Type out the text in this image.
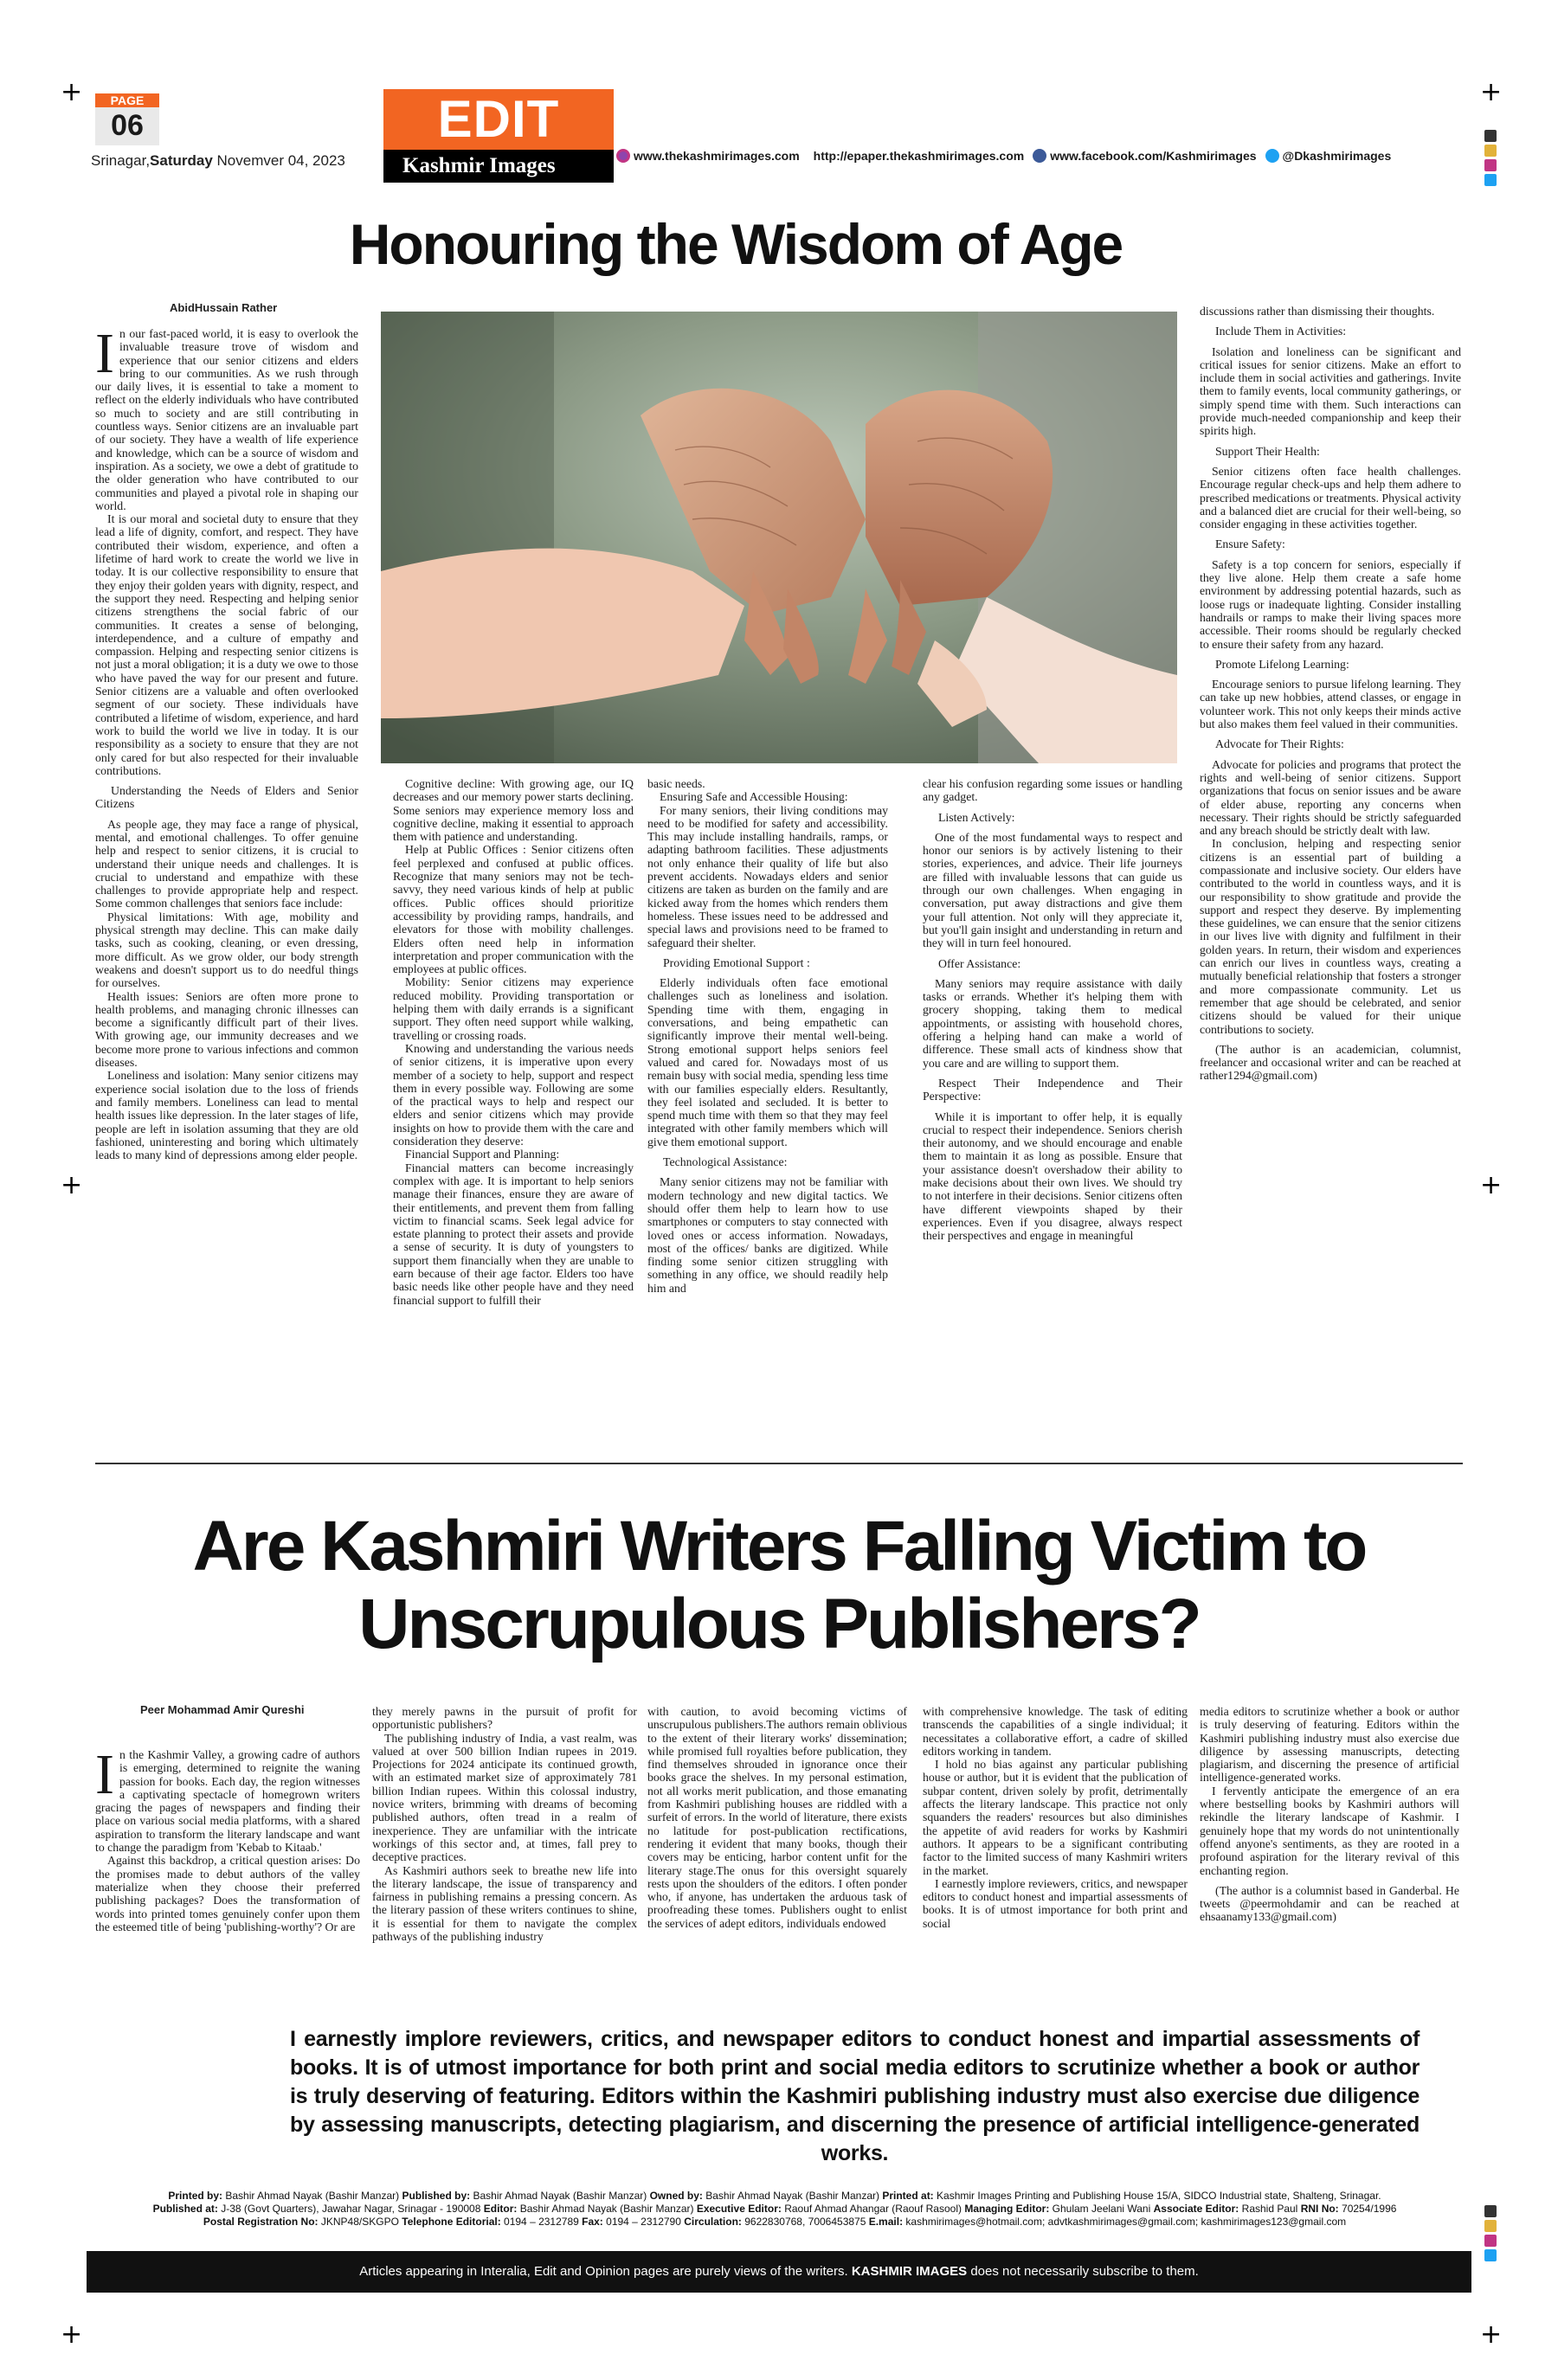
+	+
+	+
+	+
PAGE
06
Srinagar,Saturday Novemver 04, 2023
EDIT
Kashmir Images	www.thekashmirimages.com http://epaper.thekashmirimages.com www.facebook.com/Kashmirimages @Dkashmirimages
Honouring the Wisdom of Age
AbidHussain Rather
I n our fast-paced world, it is easy to overlook the invaluable treasure trove of wisdom and experience that our senior citizens and elders bring to our communities. As we rush through our daily lives, it is essential to take a moment to reflect on the elderly individuals who have contributed so much to society and are still contributing in countless ways. Senior citizens are an invaluable part of our society. They have a wealth of life experience and knowledge, which can be a source of wisdom and inspiration. As a society, we owe a debt of gratitude to the older generation who have contributed to our communities and played a pivotal role in shaping our world.

It is our moral and societal duty to ensure that they lead a life of dignity, comfort, and respect. They have contributed their wisdom, experience, and often a lifetime of hard work to create the world we live in today. It is our collective responsibility to ensure that they enjoy their golden years with dignity, respect, and the support they need. Respecting and helping senior citizens strengthens the social fabric of our communities. It creates a sense of belonging, interdependence, and a culture of empathy and compassion. Helping and respecting senior citizens is not just a moral obligation; it is a duty we owe to those who have paved the way for our present and future. Senior citizens are a valuable and often overlooked segment of our society. These individuals have contributed a lifetime of wisdom, experience, and hard work to build the world we live in today. It is our responsibility as a society to ensure that they are not only cared for but also respected for their invaluable contributions.

Understanding the Needs of Elders and Senior Citizens

As people age, they may face a range of physical, mental, and emotional challenges. To offer genuine help and respect to senior citizens, it is crucial to understand their unique needs and challenges. It is crucial to understand and empathize with these challenges to provide appropriate help and respect. Some common challenges that seniors face include:

Physical limitations: With age, mobility and physical strength may decline. This can make daily tasks, such as cooking, cleaning, or even dressing, more difficult. As we grow older, our body strength weakens and doesn't support us to do needful things for ourselves.

Health issues: Seniors are often more prone to health problems, and managing chronic illnesses can become a significantly difficult part of their lives. With growing age, our immunity decreases and we become more prone to various infections and common diseases.

Loneliness and isolation: Many senior citizens may experience social isolation due to the loss of friends and family members. Loneliness can lead to mental health issues like depression. In the later stages of life, people are left in isolation assuming that they are old fashioned, uninteresting and boring which ultimately leads to many kind of depressions among elder people.

Cognitive decline: With growing age, our IQ decreases and our memory power starts declining. Some seniors may experience memory loss and cognitive decline, making it essential to approach them with patience and understanding.

Help at Public Offices : Senior citizens often feel perplexed and confused at public offices. Recognize that many seniors may not be tech-savvy, they need various kinds of help at public offices. Public offices should prioritize accessibility by providing ramps, handrails, and elevators for those with mobility challenges. Elders often need help in information interpretation and proper communication with the employees at public offices.

Mobility: Senior citizens may experience reduced mobility. Providing transportation or helping them with daily errands is a significant support. They often need support while walking, travelling or crossing roads.

Knowing and understanding the various needs of senior citizens, it is imperative upon every member of a society to help, support and respect them in every possible way. Following are some of the practical ways to help and respect our elders and senior citizens which may provide insights on how to provide them with the care and consideration they deserve:

Financial Support and Planning:

Financial matters can become increasingly complex with age. It is important to help seniors manage their finances, ensure they are aware of their entitlements, and prevent them from falling victim to financial scams. Seek legal advice for estate planning to protect their assets and provide a sense of security. It is duty of youngsters to support them financially when they are unable to earn because of their age factor. Elders too have basic needs like other people have and they need financial support to fulfill their

basic needs.

Ensuring Safe and Accessible Housing:

For many seniors, their living conditions may need to be modified for safety and accessibility. This may include installing handrails, ramps, or adapting bathroom facilities. These adjustments not only enhance their quality of life but also prevent accidents. Nowadays elders and senior citizens are taken as burden on the family and are kicked away from the homes which renders them homeless. These issues need to be addressed and special laws and provisions need to be framed to safeguard their shelter.

Providing Emotional Support :

Elderly individuals often face emotional challenges such as loneliness and isolation. Spending time with them, engaging in conversations, and being empathetic can significantly improve their mental well-being. Strong emotional support helps seniors feel valued and cared for. Nowadays most of us remain busy with social media, spending less time with our families especially elders. Resultantly, they feel isolated and secluded. It is better to spend much time with them so that they may feel integrated with other family members which will give them emotional support.

Technological Assistance:

Many senior citizens may not be familiar with modern technology and new digital tactics. We should offer them help to learn how to use smartphones or computers to stay connected with loved ones or access information. Nowadays, most of the offices/ banks are digitized. While finding some senior citizen struggling with something in any office, we should readily help him and

clear his confusion regarding some issues or handling any gadget.

Listen Actively:

One of the most fundamental ways to respect and honor our seniors is by actively listening to their stories, experiences, and advice. Their life journeys are filled with invaluable lessons that can guide us through our own challenges. When engaging in conversation, put away distractions and give them your full attention. Not only will they appreciate it, but you'll gain insight and understanding in return and they will in turn feel honoured.

Offer Assistance:

Many seniors may require assistance with daily tasks or errands. Whether it's helping them with grocery shopping, taking them to medical appointments, or assisting with household chores, offering a helping hand can make a world of difference. These small acts of kindness show that you care and are willing to support them.

Respect Their Independence and Their Perspective:

While it is important to offer help, it is equally crucial to respect their independence. Seniors cherish their autonomy, and we should encourage and enable them to maintain it as long as possible. Ensure that your assistance doesn't overshadow their ability to make decisions about their own lives. We should try to not interfere in their decisions. Senior citizens often have different viewpoints shaped by their experiences. Even if you disagree, always respect their perspectives and engage in meaningful

discussions rather than dismissing their thoughts.

Include Them in Activities:

Isolation and loneliness can be significant and critical issues for senior citizens. Make an effort to include them in social activities and gatherings. Invite them to family events, local community gatherings, or simply spend time with them. Such interactions can provide much-needed companionship and keep their spirits high.

Support Their Health:

Senior citizens often face health challenges. Encourage regular check-ups and help them adhere to prescribed medications or treatments. Physical activity and a balanced diet are crucial for their well-being, so consider engaging in these activities together.

Ensure Safety:

Safety is a top concern for seniors, especially if they live alone. Help them create a safe home environment by addressing potential hazards, such as loose rugs or inadequate lighting. Consider installing handrails or ramps to make their living spaces more accessible. Their rooms should be regularly checked to ensure their safety from any hazard.

Promote Lifelong Learning:

Encourage seniors to pursue lifelong learning. They can take up new hobbies, attend classes, or engage in volunteer work. This not only keeps their minds active but also makes them feel valued in their communities.

Advocate for Their Rights:

Advocate for policies and programs that protect the rights and well-being of senior citizens. Support organizations that focus on senior issues and be aware of elder abuse, reporting any concerns when necessary. Their rights should be strictly safeguarded and any breach should be strictly dealt with law.

In conclusion, helping and respecting senior citizens is an essential part of building a compassionate and inclusive society. Our elders have contributed to the world in countless ways, and it is our responsibility to show gratitude and provide the support and respect they deserve. By implementing these guidelines, we can ensure that the senior citizens in our lives live with dignity and fulfilment in their golden years. In return, their wisdom and experiences can enrich our lives in countless ways, creating a mutually beneficial relationship that fosters a stronger and more compassionate community. Let us remember that age should be celebrated, and senior citizens should be valued for their unique contributions to society.

(The author is an academician, columnist, freelancer and occasional writer and can be reached at rather1294@gmail.com)

Are Kashmiri Writers Falling Victim to
Unscrupulous Publishers?
Peer Mohammad Amir Qureshi
I n the Kashmir Valley, a growing cadre of authors is emerging, determined to reignite the waning passion for books. Each day, the region witnesses a captivating spectacle of homegrown writers gracing the pages of newspapers and finding their place on various social media platforms, with a shared aspiration to transform the literary landscape and want to change the paradigm from 'Kebab to Kitaab.'

Against this backdrop, a critical question arises: Do the promises made to debut authors of the valley materialize when they choose their preferred publishing packages? Does the transformation of words into printed tomes genuinely confer upon them the esteemed title of being 'publishing-worthy'? Or are

they merely pawns in the pursuit of profit for opportunistic publishers?

The publishing industry of India, a vast realm, was valued at over 500 billion Indian rupees in 2019. Projections for 2024 anticipate its continued growth, with an estimated market size of approximately 781 billion Indian rupees. Within this colossal industry, novice writers, brimming with dreams of becoming published authors, often tread in a realm of inexperience. They are unfamiliar with the intricate workings of this sector and, at times, fall prey to deceptive practices.

As Kashmiri authors seek to breathe new life into the literary landscape, the issue of transparency and fairness in publishing remains a pressing concern. As the literary passion of these writers continues to shine, it is essential for them to navigate the complex pathways of the publishing industry

with caution, to avoid becoming victims of unscrupulous publishers.The authors remain oblivious to the extent of their literary works' dissemination; while promised full royalties before publication, they find themselves shrouded in ignorance once their books grace the shelves. In my personal estimation, not all works merit publication, and those emanating from Kashmiri publishing houses are riddled with a surfeit of errors. In the world of literature, there exists no latitude for post-publication rectifications, rendering it evident that many books, though their covers may be enticing, harbor content unfit for the literary stage.The onus for this oversight squarely rests upon the shoulders of the editors. I often ponder who, if anyone, has undertaken the arduous task of proofreading these tomes. Publishers ought to enlist the services of adept editors, individuals endowed

with comprehensive knowledge. The task of editing transcends the capabilities of a single individual; it necessitates a collaborative effort, a cadre of skilled editors working in tandem.

I hold no bias against any particular publishing house or author, but it is evident that the publication of subpar content, driven solely by profit, detrimentally affects the literary landscape. This practice not only squanders the readers' resources but also diminishes the appetite of avid readers for works by Kashmiri authors. It appears to be a significant contributing factor to the limited success of many Kashmiri writers in the market.

I earnestly implore reviewers, critics, and newspaper editors to conduct honest and impartial assessments of books. It is of utmost importance for both print and social

media editors to scrutinize whether a book or author is truly deserving of featuring. Editors within the Kashmiri publishing industry must also exercise due diligence by assessing manuscripts, detecting plagiarism, and discerning the presence of artificial intelligence-generated works.

I fervently anticipate the emergence of an era where bestselling books by Kashmiri authors will rekindle the literary landscape of Kashmir. I genuinely hope that my words do not unintentionally offend anyone's sentiments, as they are rooted in a profound aspiration for the literary revival of this enchanting region.

(The author is a columnist based in Ganderbal. He tweets @peermohdamir and can be reached at ehsaanamy133@gmail.com)

I earnestly implore reviewers, critics, and newspaper editors to conduct honest and impartial assessments of books. It is of utmost importance for both print and social media editors to scrutinize whether a book or author is truly deserving of featuring. Editors within the Kashmiri publishing industry must also exercise due diligence by assessing manuscripts, detecting plagiarism, and discerning the presence of artificial intelligence-generated works.
Printed by: Bashir Ahmad Nayak (Bashir Manzar) Published by: Bashir Ahmad Nayak (Bashir Manzar) Owned by: Bashir Ahmad Nayak (Bashir Manzar) Printed at: Kashmir Images Printing and Publishing House 15/A, SIDCO Industrial state, Shalteng, Srinagar.
Published at: J-38 (Govt Quarters), Jawahar Nagar, Srinagar - 190008 Editor: Bashir Ahmad Nayak (Bashir Manzar) Executive Editor: Raouf Ahmad Ahangar (Raouf Rasool) Managing Editor: Ghulam Jeelani Wani Associate Editor: Rashid Paul RNI No: 70254/1996
Postal Registration No: JKNP48/SKGPO Telephone Editorial: 0194 – 2312789 Fax: 0194 – 2312790 Circulation: 9622830768, 7006453875 E.mail: kashmirimages@hotmail.com; advtkashmirimages@gmail.com; kashmirimages123@gmail.com
Articles appearing in Interalia, Edit and Opinion pages are purely views of the writers. KASHMIR IMAGES does not necessarily subscribe to them.
